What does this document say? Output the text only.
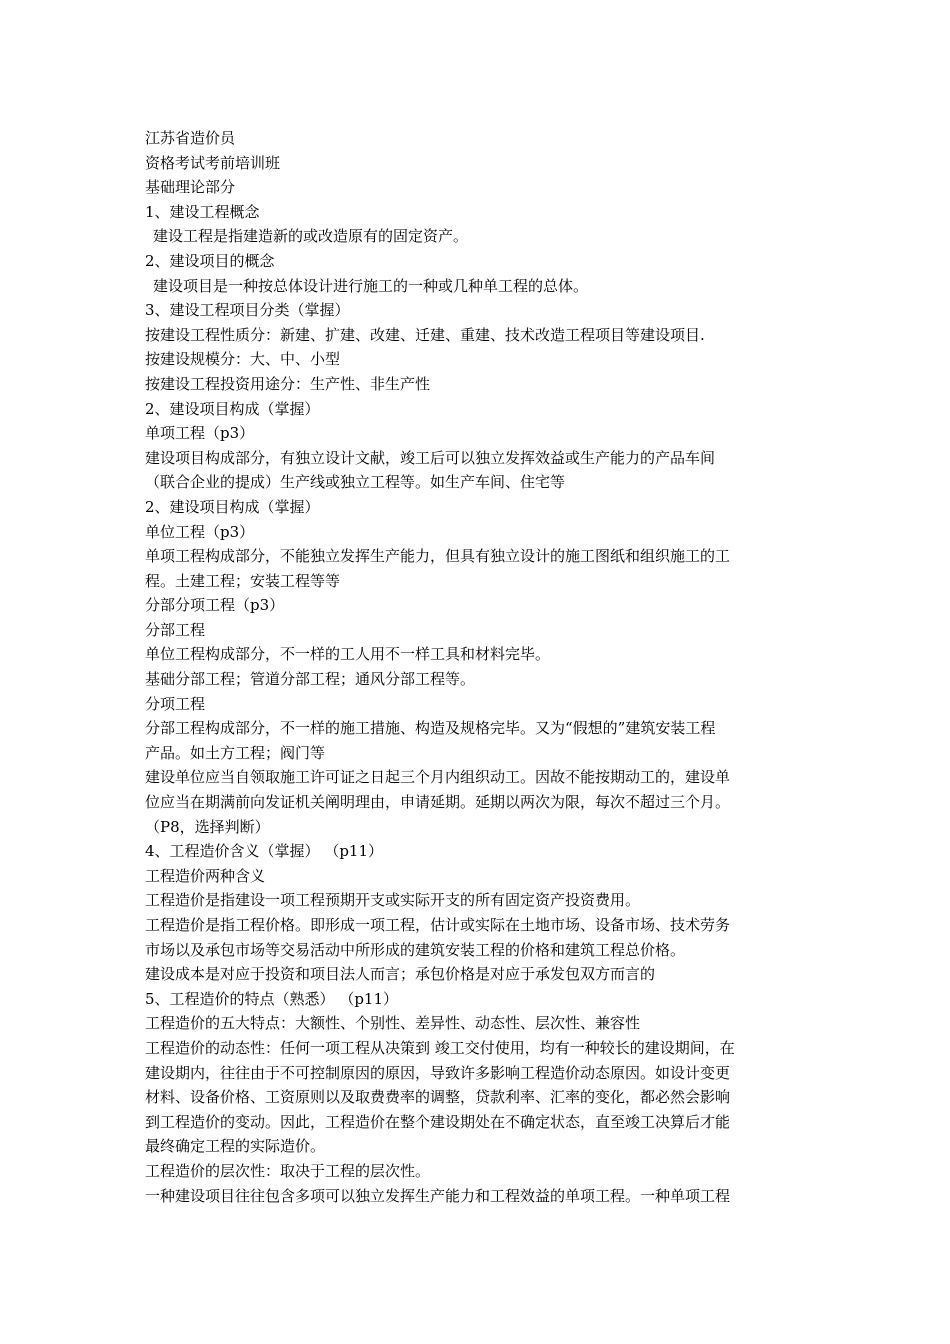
江苏省造价员
资格考试考前培训班
基础理论部分
1、建设工程概念
建设工程是指建造新的或改造原有的固定资产。
2、建设项目的概念
建设项目是一种按总体设计进行施工的一种或几种单工程的总体。
3、建设工程项目分类（掌握）
按建设工程性质分：新建、扩建、改建、迁建、重建、技术改造工程项目等建设项目.
按建设规模分：大、中、小型
按建设工程投资用途分：生产性、非生产性
2、建设项目构成（掌握）
单项工程（p3）
建设项目构成部分，有独立设计文献，竣工后可以独立发挥效益或生产能力的产品车间
（联合企业的提成）生产线或独立工程等。如生产车间、住宅等
2、建设项目构成（掌握）
单位工程（p3）
单项工程构成部分，不能独立发挥生产能力，但具有独立设计的施工图纸和组织施工的工
程。土建工程；安装工程等等
分部分项工程（p3）
分部工程
单位工程构成部分，不一样的工人用不一样工具和材料完毕。
基础分部工程；管道分部工程；通风分部工程等。
分项工程
分部工程构成部分，不一样的施工措施、构造及规格完毕。又为“假想的”建筑安装工程
产品。如土方工程；阀门等
建设单位应当自领取施工许可证之日起三个月内组织动工。因故不能按期动工的，建设单
位应当在期满前向发证机关阐明理由，申请延期。延期以两次为限，每次不超过三个月。
（P8，选择判断）
4、工程造价含义（掌握） （p11）
工程造价两种含义
工程造价是指建设一项工程预期开支或实际开支的所有固定资产投资费用。
工程造价是指工程价格。即形成一项工程，估计或实际在土地市场、设备市场、技术劳务
市场以及承包市场等交易活动中所形成的建筑安装工程的价格和建筑工程总价格。
建设成本是对应于投资和项目法人而言；承包价格是对应于承发包双方而言的
5、工程造价的特点（熟悉） （p11）
工程造价的五大特点：大额性、个别性、差异性、动态性、层次性、兼容性
工程造价的动态性：任何一项工程从决策到 竣工交付使用，均有一种较长的建设期间，在
建设期内，往往由于不可控制原因的原因，导致许多影响工程造价动态原因。如设计变更
材料、设备价格、工资原则以及取费费率的调整，贷款利率、汇率的变化，都必然会影响
到工程造价的变动。因此，工程造价在整个建设期处在不确定状态，直至竣工决算后才能
最终确定工程的实际造价。
工程造价的层次性：取决于工程的层次性。
一种建设项目往往包含多项可以独立发挥生产能力和工程效益的单项工程。一种单项工程
